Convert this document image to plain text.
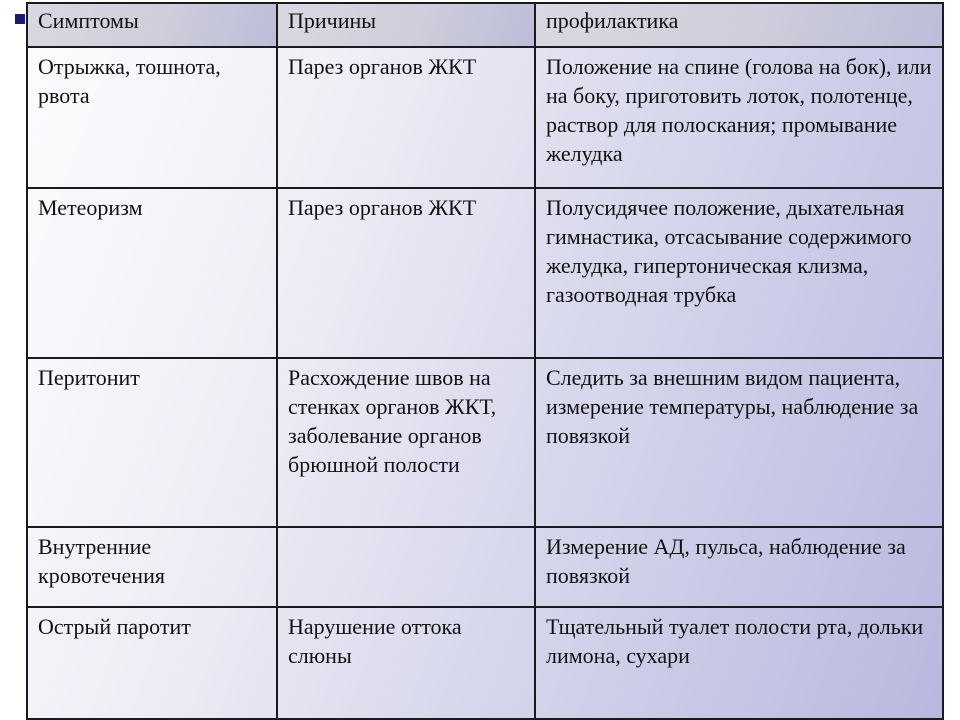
Симптомы	Причины	профилактика
Отрыжка, тошнота, рвота	Парез органов ЖКТ	Положение на спине (голова на бок), или на боку, приготовить лоток, полотенце, раствор для полоскания; промывание желудка
Метеоризм	Парез органов ЖКТ	Полусидячее положение, дыхательная гимнастика, отсасывание содержимого желудка, гипертоническая клизма, газоотводная трубка
Перитонит	Расхождение швов на стенках органов ЖКТ, заболевание органов брюшной полости	Следить за внешним видом пациента, измерение температуры, наблюдение за повязкой
Внутренние кровотечения		Измерение АД, пульса, наблюдение за повязкой
Острый паротит	Нарушение оттока слюны	Тщательный туалет полости рта, дольки лимона, сухари
